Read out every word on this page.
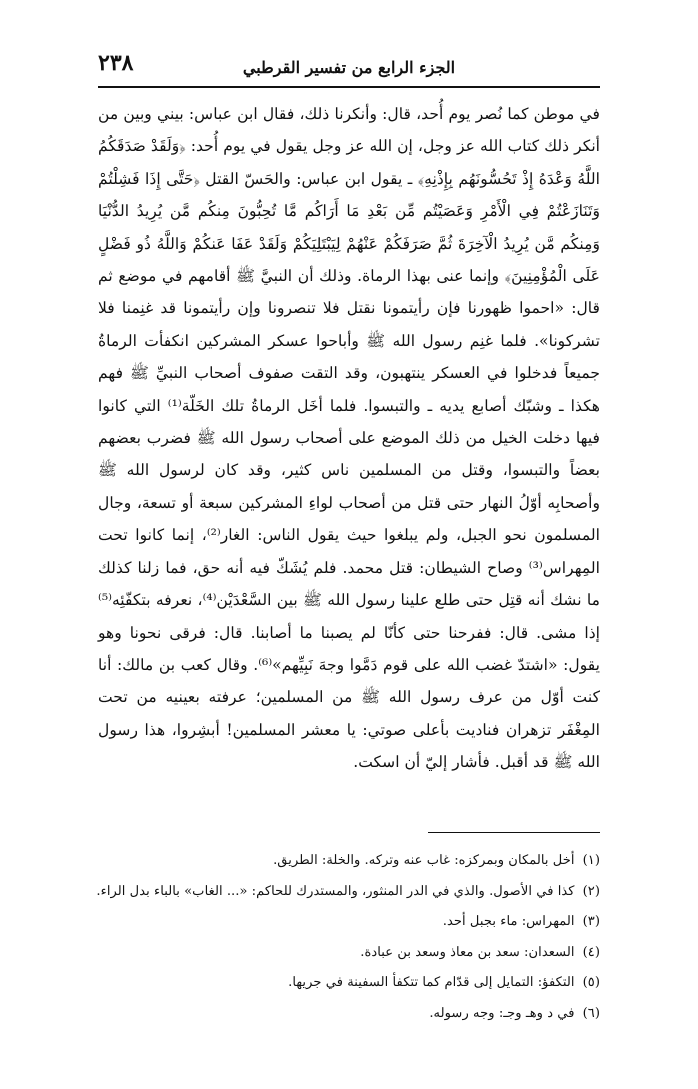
٢٣٨	الجزء الرابع من تفسير القرطبي

في موطن كما نُصر يوم أُحد، قال: وأنكرنا ذلك، فقال ابن عباس: بيني وبين من أنكر ذلك كتاب الله عز وجل، إن الله عز وجل يقول في يوم أُحد: ﴿وَلَقَدْ صَدَقَكُمُ اللَّهُ وَعْدَهُ إِذْ تَحُسُّونَهُم بِإِذْنِهِ﴾ ـ يقول ابن عباس: والحَسّ القتل ﴿حَتَّى إِذَا فَشِلْتُمْ وَتَنَازَعْتُمْ فِي الْأَمْرِ وَعَصَيْتُم مِّن بَعْدِ مَا أَرَاكُم مَّا تُحِبُّونَ مِنكُم مَّن يُرِيدُ الدُّنْيَا وَمِنكُم مَّن يُرِيدُ الْآخِرَةَ ثُمَّ صَرَفَكُمْ عَنْهُمْ لِيَبْتَلِيَكُمْ وَلَقَدْ عَفَا عَنكُمْ وَاللَّهُ ذُو فَضْلٍ عَلَى الْمُؤْمِنِينَ﴾ وإنما عنى بهذا الرماة. وذلك أن النبيَّ ﷺ أقامهم في موضع ثم قال: «احموا ظهورنا فإن رأيتمونا نقتل فلا تنصرونا وإن رأيتمونا قد غنِمنا فلا تشركونا». فلما غنِم رسول الله ﷺ وأباحوا عسكر المشركين انكفأت الرماةُ جميعاً فدخلوا في العسكر ينتهبون، وقد التقت صفوف أصحاب النبيِّ ﷺ فهم هكذا ـ وشبّك أصابع يديه ـ والتبسوا. فلما أخَل الرماةُ تلك الخَلّة⁽¹⁾ التي كانوا فيها دخلت الخيل من ذلك الموضع على أصحاب رسول الله ﷺ فضرب بعضهم بعضاً والتبسوا، وقتل من المسلمين ناس كثير، وقد كان لرسول الله ﷺ وأصحابِه أوّلُ النهار حتى قتل من أصحاب لواءِ المشركين سبعة أو تسعة، وجال المسلمون نحو الجبل، ولم يبلغوا حيث يقول الناس: الغار⁽²⁾، إنما كانوا تحت المِهراس⁽³⁾ وصاح الشيطان: قتل محمد. فلم يُشَكّ فيه أنه حق، فما زلنا كذلك ما نشك أنه قتِل حتى طلع علينا رسول الله ﷺ بين السَّعْدَيْن⁽⁴⁾، نعرفه بتكفّئِه⁽⁵⁾ إذا مشى. قال: ففرحنا حتى كأنّا لم يصبنا ما أصابنا. قال: فرقى نحونا وهو يقول: «اشتدّ غضب الله على قوم دَمَّوا وجهَ نَبِيِّهم»⁽⁶⁾. وقال كعب بن مالك: أنا كنت أوّل من عرف رسول الله ﷺ من المسلمين؛ عرفته بعينيه من تحت المِغْفَر تزهران فناديت بأعلى صوتي: يا معشر المسلمين! أبشِروا، هذا رسول الله ﷺ قد أقبل. فأشار إليّ أن اسكت.

(١)أخل بالمكان وبمركزه: غاب عنه وتركه. والخلة: الطريق.
(٢)كذا في الأصول. والذي في الدر المنثور، والمستدرك للحاكم: «... الغاب» بالباء بدل الراء.
(٣)المهراس: ماء بجبل أحد.
(٤)السعدان: سعد بن معاذ وسعد بن عبادة.
(٥)التكفؤ: التمايل إلى قدّام كما تتكفأ السفينة في جريها.
(٦)في د وهـ وجـ: وجه رسوله.
